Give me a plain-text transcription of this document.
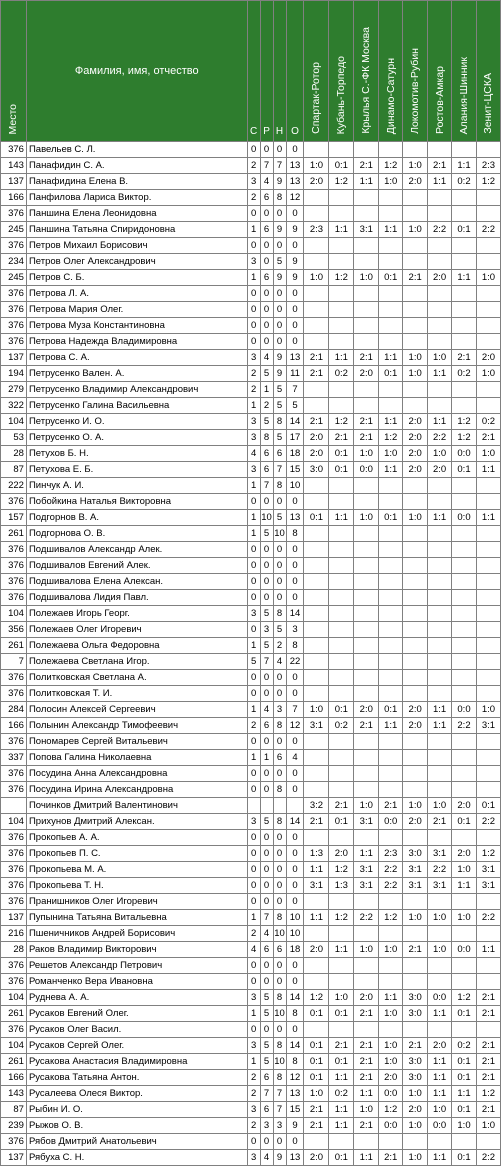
Место	Фамилия, имя, отчество	С	Р	Н	О	Спартак-Ротор	Кубань-Торпедо	Крылья С.-ФК Москва	Динамо-Сатурн	Локомотив-Рубин	Ростов-Амкар	Алания-Шинник	Зенит-ЦСКА
376	Павельев С. Л.	0	0	0	0								
143	Панафидин С. А.	2	7	7	13	1:0	0:1	2:1	1:2	1:0	2:1	1:1	2:3
137	Панафидина Елена В.	3	4	9	13	2:0	1:2	1:1	1:0	2:0	1:1	0:2	1:2
166	Панфилова Лариса Виктор.	2	6	8	12								
376	Паншина Елена Леонидовна	0	0	0	0								
245	Паншина Татьяна Спиридоновна	1	6	9	9	2:3	1:1	3:1	1:1	1:0	2:2	0:1	2:2
376	Петров Михаил Борисович	0	0	0	0								
234	Петров Олег Александрович	3	0	5	9								
245	Петров С. Б.	1	6	9	9	1:0	1:2	1:0	0:1	2:1	2:0	1:1	1:0
376	Петрова Л. А.	0	0	0	0								
376	Петрова Мария Олег.	0	0	0	0								
376	Петрова Муза Константиновна	0	0	0	0								
376	Петрова Надежда Владимировна	0	0	0	0								
137	Петрова С. А.	3	4	9	13	2:1	1:1	2:1	1:1	1:0	1:0	2:1	2:0
194	Петрусенко Вален. А.	2	5	9	11	2:1	0:2	2:0	0:1	1:0	1:1	0:2	1:0
279	Петрусенко Владимир Александрович	2	1	5	7								
322	Петрусенко Галина Васильевна	1	2	5	5								
104	Петрусенко И. О.	3	5	8	14	2:1	1:2	2:1	1:1	2:0	1:1	1:2	0:2
53	Петрусенко О. А.	3	8	5	17	2:0	2:1	2:1	1:2	2:0	2:2	1:2	2:1
28	Петухов Б. Н.	4	6	6	18	2:0	0:1	1:0	1:0	2:0	1:0	0:0	1:0
87	Петухова Е. Б.	3	6	7	15	3:0	0:1	0:0	1:1	2:0	2:0	0:1	1:1
222	Пинчук А. И.	1	7	8	10								
376	Побойкина Наталья Викторовна	0	0	0	0								
157	Подгорнов В. А.	1	10	5	13	0:1	1:1	1:0	0:1	1:0	1:1	0:0	1:1
261	Подгорнова О. В.	1	5	10	8								
376	Подшивалов Александр Алек.	0	0	0	0								
376	Подшивалов Евгений Алек.	0	0	0	0								
376	Подшивалова Елена Алексан.	0	0	0	0								
376	Подшивалова Лидия Павл.	0	0	0	0								
104	Полежаев Игорь Георг.	3	5	8	14								
356	Полежаев Олег Игоревич	0	3	5	3								
261	Полежаева Ольга Федоровна	1	5	2	8								
7	Полежаева Светлана Игор.	5	7	4	22								
376	Политковская Светлана А.	0	0	0	0								
376	Политковская Т. И.	0	0	0	0								
284	Полосин Алексей Сергеевич	1	4	3	7	1:0	0:1	2:0	0:1	2:0	1:1	0:0	1:0
166	Полынин Александр Тимофеевич	2	6	8	12	3:1	0:2	2:1	1:1	2:0	1:1	2:2	3:1
376	Пономарев Сергей Витальевич	0	0	0	0								
337	Попова Галина Николаевна	1	1	6	4								
376	Посудина Анна Александровна	0	0	0	0								
376	Посудина Ирина Александровна	0	0	8	0								
	Починков Дмитрий Валентинович					3:2	2:1	1:0	2:1	1:0	1:0	2:0	0:1
104	Прихунов Дмитрий Алексан.	3	5	8	14	2:1	0:1	3:1	0:0	2:0	2:1	0:1	2:2
376	Прокопьев А. А.	0	0	0	0								
376	Прокопьев П. С.	0	0	0	0	1:3	2:0	1:1	2:3	3:0	3:1	2:0	1:2
376	Прокопьева М. А.	0	0	0	0	1:1	1:2	3:1	2:2	3:1	2:2	1:0	3:1
376	Прокопьева Т. Н.	0	0	0	0	3:1	1:3	3:1	2:2	3:1	3:1	1:1	3:1
376	Пранишников Олег Игоревич	0	0	0	0								
137	Пупынина Татьяна Витальевна	1	7	8	10	1:1	1:2	2:2	1:2	1:0	1:0	1:0	2:2
216	Пшеничников Андрей Борисович	2	4	10	10								
28	Раков Владимир Викторович	4	6	6	18	2:0	1:1	1:0	1:0	2:1	1:0	0:0	1:1
376	Решетов Александр Петрович	0	0	0	0								
376	Романченко Вера Ивановна	0	0	0	0								
104	Руднева А. А.	3	5	8	14	1:2	1:0	2:0	1:1	3:0	0:0	1:2	2:1
261	Русаков Евгений Олег.	1	5	10	8	0:1	0:1	2:1	1:0	3:0	1:1	0:1	2:1
376	Русаков Олег Васил.	0	0	0	0								
104	Русаков Сергей Олег.	3	5	8	14	0:1	2:1	2:1	1:0	2:1	2:0	0:2	2:1
261	Русакова Анастасия Владимировна	1	5	10	8	0:1	0:1	2:1	1:0	3:0	1:1	0:1	2:1
166	Русакова Татьяна Антон.	2	6	8	12	0:1	1:1	2:1	2:0	3:0	1:1	0:1	2:1
143	Русалеева Олеся Виктор.	2	7	7	13	1:0	0:2	1:1	0:0	1:0	1:1	1:1	1:2
87	Рыбин И. О.	3	6	7	15	2:1	1:1	1:0	1:2	2:0	1:0	0:1	2:1
239	Рыжов О. В.	2	3	3	9	2:1	1:1	2:1	0:0	1:0	0:0	1:0	1:0
376	Рябов Дмитрий Анатольевич	0	0	0	0								
137	Рябуха С. Н.	3	4	9	13	2:0	0:1	1:1	2:1	1:0	1:1	0:1	2:2
